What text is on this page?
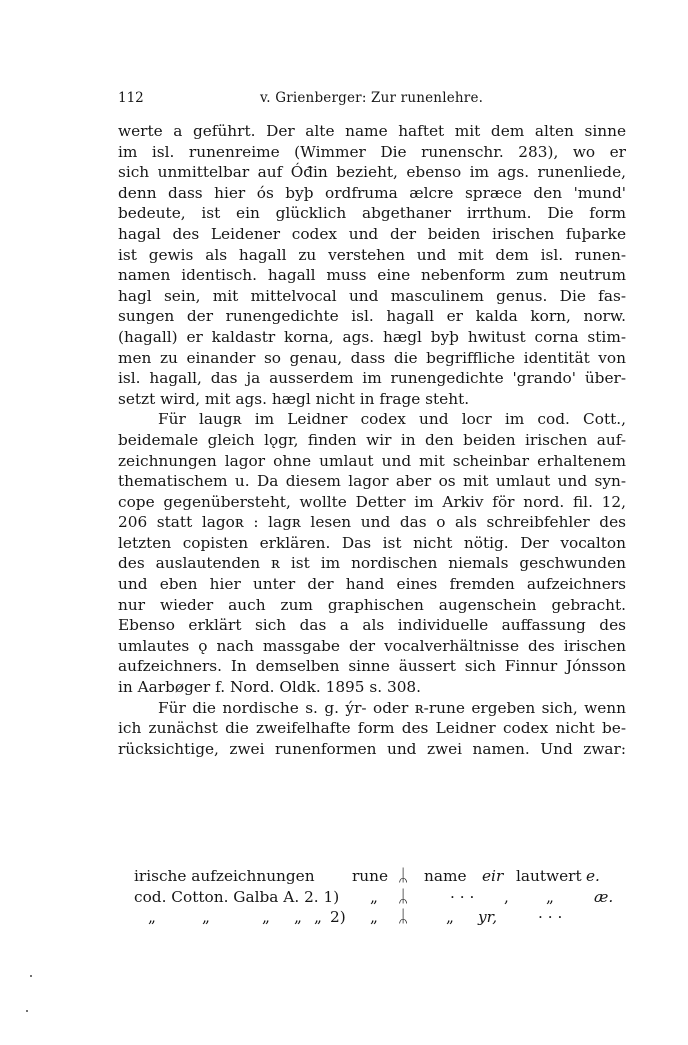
112	v. Grienberger: Zur runenlehre.
werte a geführt. Der alte name haftet mit dem alten sinne
im isl. runenreime (Wimmer Die runenschr. 283), wo er
sich unmittelbar auf Óđin bezieht, ebenso im ags. runenliede,
denn dass hier ós byþ ordfruma ælcre spræce den 'mund'
bedeute, ist ein glücklich abgethaner irrthum. Die form
hagal des Leidener codex und der beiden irischen fuþarke
ist gewis als hagall zu verstehen und mit dem isl. runen-
namen identisch. hagall muss eine nebenform zum neutrum
hagl sein, mit mittelvocal und masculinem genus. Die fas-
sungen der runengedichte isl. hagall er kalda korn, norw.
(hagall) er kaldastr korna, ags. hægl byþ hwitust corna stim-
men zu einander so genau, dass die begriffliche identität von
isl. hagall, das ja ausserdem im runengedichte 'grando' über-
setzt wird, mit ags. hægl nicht in frage steht.
Für laugʀ im Leidner codex und locr im cod. Cott.,
beidemale gleich lǫgr, finden wir in den beiden irischen auf-
zeichnungen lagor ohne umlaut und mit scheinbar erhaltenem
thematischem u. Da diesem lagor aber os mit umlaut und syn-
cope gegenübersteht, wollte Detter im Arkiv för nord. fil. 12,
206 statt lagoʀ : lagʀ lesen und das o als schreibfehler des
letzten copisten erklären. Das ist nicht nötig. Der vocalton
des auslautenden ʀ ist im nordischen niemals geschwunden
und eben hier unter der hand eines fremden aufzeichners
nur wieder auch zum graphischen augenschein gebracht.
Ebenso erklärt sich das a als individuelle auffassung des
umlautes ǫ nach massgabe der vocalverhältnisse des irischen
aufzeichners. In demselben sinne äussert sich Finnur Jónsson
in Aarbøger f. Nord. Oldk. 1895 s. 308.
Für die nordische s. g. ýr- oder ʀ-rune ergeben sich, wenn
ich zunächst die zweifelhafte form des Leidner codex nicht be-
rücksichtige, zwei runenformen und zwei namen. Und zwar:
irische aufzeichnungen rune ᛦ name eir lautwert e.
cod. Cotton. Galba A. 2. 1) „ ᛦ	· · · , „	æ.
„	„	„ „ „ 2) „ ᛦ „ yr,	· · ·
